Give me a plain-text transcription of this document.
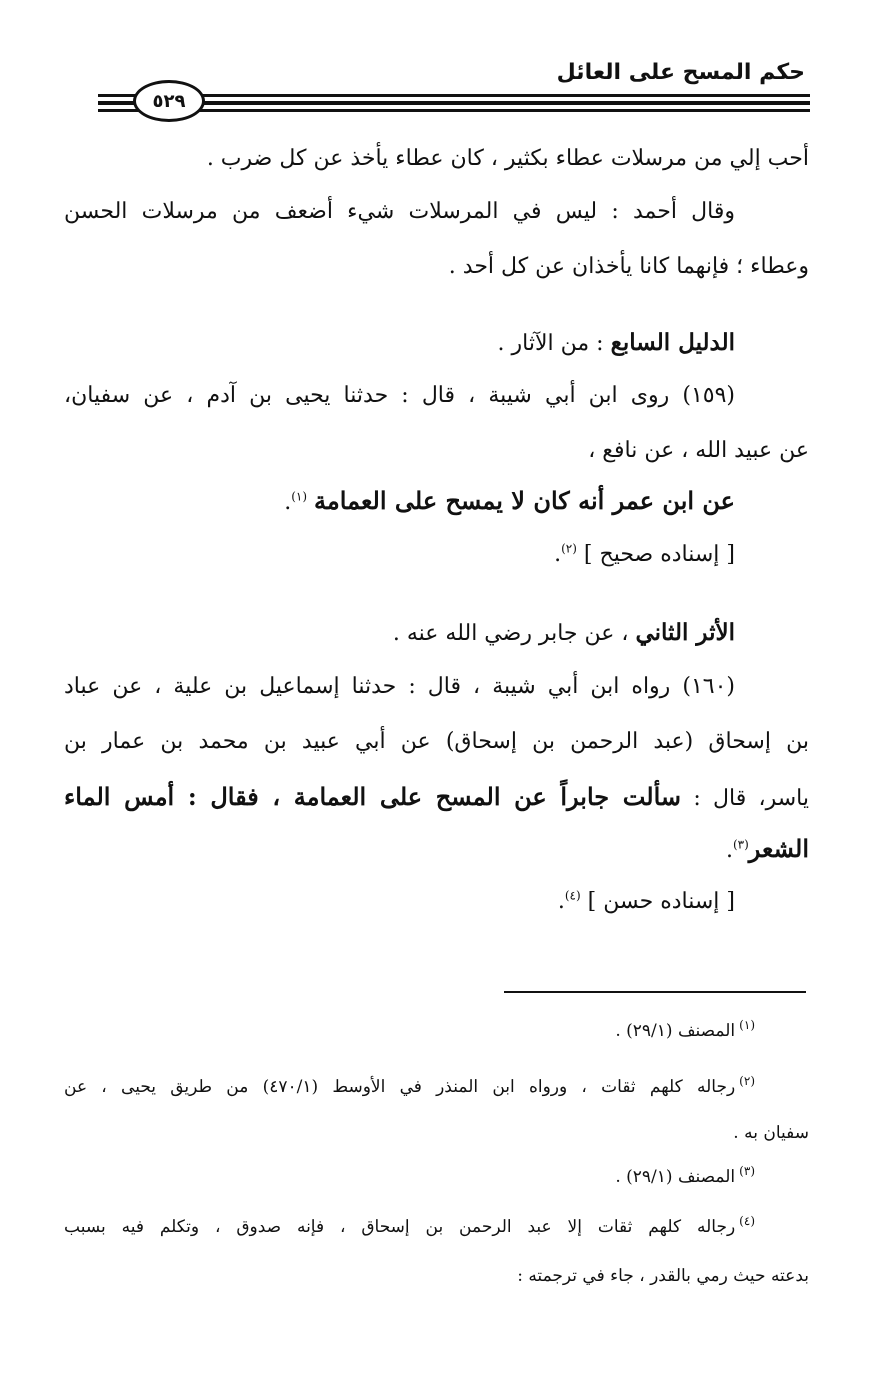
حكم المسح على العائل
٥٢٩
أحب إلي من مرسلات عطاء بكثير ، كان عطاء يأخذ عن كل ضرب .
وقال أحمد : ليس في المرسلات شيء أضعف من مرسلات الحسن
وعطاء ؛ فإنهما كانا يأخذان عن كل أحد .
الدليل السابع : من الآثار .
(١٥٩) روى ابن أبي شيبة ، قال : حدثنا يحيى بن آدم ، عن سفيان،
عن عبيد الله ، عن نافع ،
عن ابن عمر أنه كان لا يمسح على العمامة $^{(١)}$.
[ إسناده صحيح ] $^{(٢)}$.
الأثر الثاني ، عن جابر رضي الله عنه .
(١٦٠) رواه ابن أبي شيبة ، قال : حدثنا إسماعيل بن علية ، عن عباد
بن إسحاق (عبد الرحمن بن إسحاق) عن أبي عبيد بن محمد بن عمار بن
ياسر، قال : سألت جابراً عن المسح على العمامة ، فقال : أمس الماء
الشعر$^{(٣)}$.
[ إسناده حسن ] $^{(٤)}$.
$^{(١)}$المصنف (٢٩/١) .
$^{(٢)}$رجاله كلهم ثقات ، ورواه ابن المنذر في الأوسط (٤٧٠/١) من طريق يحيى ، عن
سفيان به .
$^{(٣)}$المصنف (٢٩/١) .
$^{(٤)}$رجاله كلهم ثقات إلا عبد الرحمن بن إسحاق ، فإنه صدوق ، وتكلم فيه بسبب
بدعته حيث رمي بالقدر ، جاء في ترجمته :
